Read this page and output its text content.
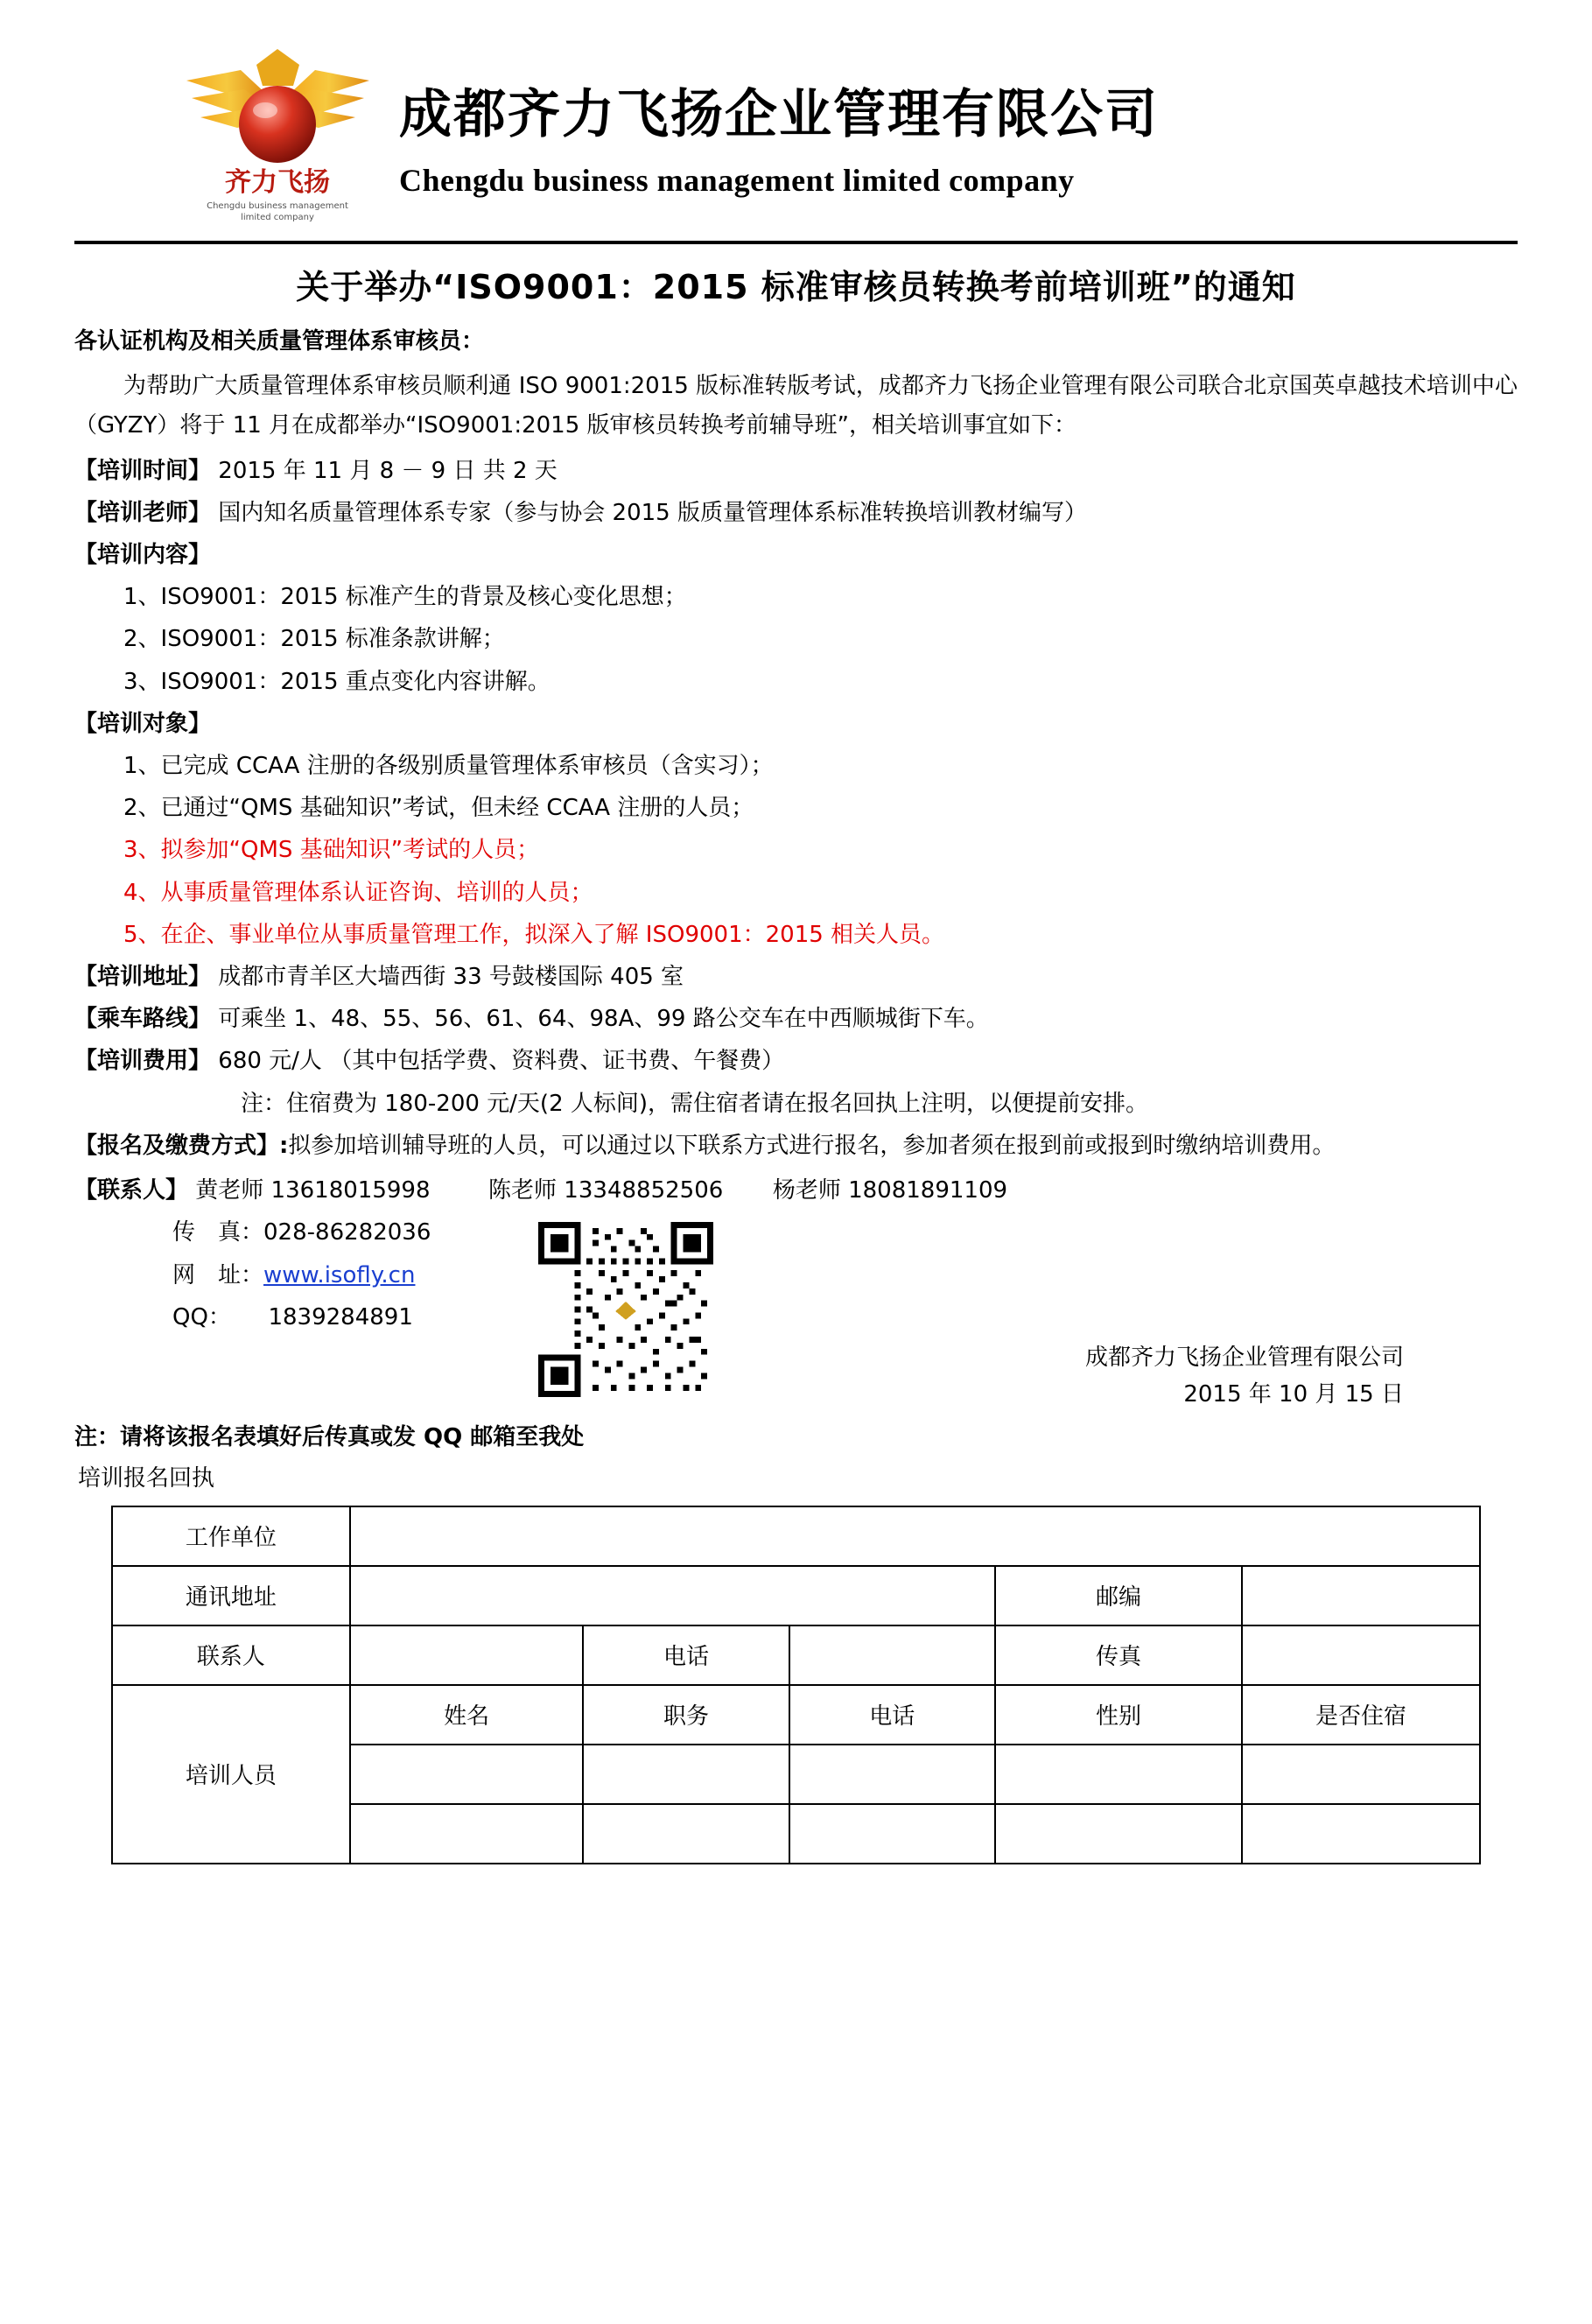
齐力飞扬
Chengdu business management
limited company
成都齐力飞扬企业管理有限公司
Chengdu business management limited company
关于举办“ISO9001：2015 标准审核员转换考前培训班”的通知
各认证机构及相关质量管理体系审核员：

为帮助广大质量管理体系审核员顺利通 ISO 9001:2015 版标准转版考试，成都齐力飞扬企业管理有限公司联合北京国英卓越技术培训中心（GYZY）将于 11 月在成都举办“ISO9001:2015 版审核员转换考前辅导班”，相关培训事宜如下：

【培训时间】 2015 年 11 月 8 － 9 日 共 2 天
【培训老师】 国内知名质量管理体系专家（参与协会 2015 版质量管理体系标准转换培训教材编写）
【培训内容】
1、ISO9001：2015 标准产生的背景及核心变化思想；
2、ISO9001：2015 标准条款讲解；
3、ISO9001：2015 重点变化内容讲解。
【培训对象】
1、已完成 CCAA 注册的各级别质量管理体系审核员（含实习）；
2、已通过“QMS 基础知识”考试，但未经 CCAA 注册的人员；
3、拟参加“QMS 基础知识”考试的人员；
4、从事质量管理体系认证咨询、培训的人员；
5、在企、事业单位从事质量管理工作，拟深入了解 ISO9001：2015 相关人员。
【培训地址】 成都市青羊区大墙西街 33 号鼓楼国际 405 室
【乘车路线】 可乘坐 1、48、55、56、61、64、98A、99 路公交车在中西顺城街下车。
【培训费用】 680 元/人 （其中包括学费、资料费、证书费、午餐费）
注：住宿费为 180-200 元/天(2 人标间)，需住宿者请在报名回执上注明，以便提前安排。

【报名及缴费方式】:拟参加培训辅导班的人员，可以通过以下联系方式进行报名，参加者须在报到前或报到时缴纳培训费用。

【联系人】 黄老师 13618015998	陈老师 13348852506 杨老师 18081891109
传　真：028-86282036
网　址：www.isofly.cn
QQ： 1839284891
成都齐力飞扬企业管理有限公司
2015 年 10 月 15 日
注：请将该报名表填好后传真或发 QQ 邮箱至我处
培训报名回执
工作单位					
通讯地址				邮编	
联系人		电话		传真	
培训人员	姓名	职务	电话	性别	是否住宿
